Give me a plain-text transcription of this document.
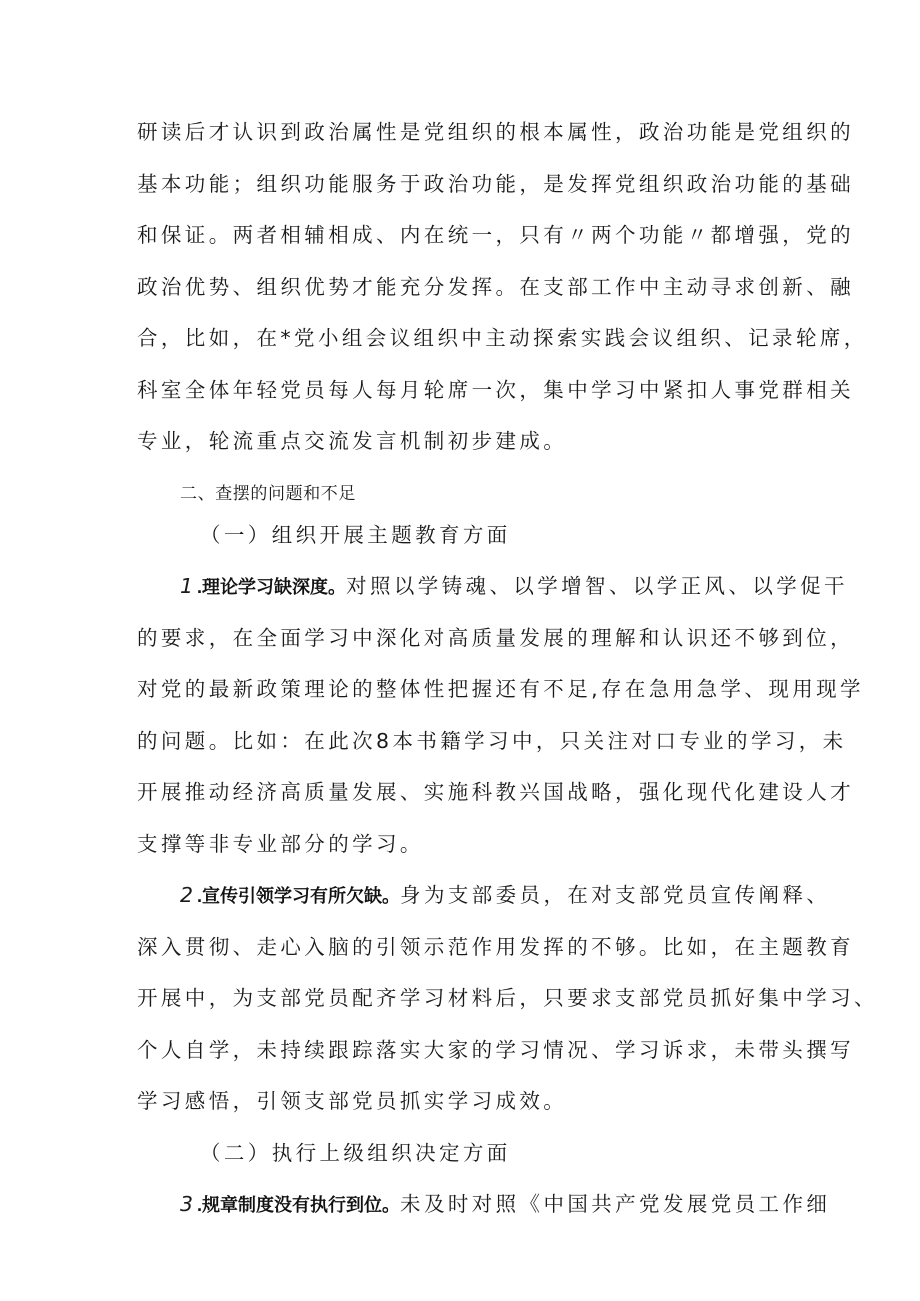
研读后才认识到政治属性是党组织的根本属性，政治功能是党组织的
基本功能；组织功能服务于政治功能，是发挥党组织政治功能的基础
和保证。两者相辅相成、内在统一，只有〃两个功能〃都增强，党的
政治优势、组织优势才能充分发挥。在支部工作中主动寻求创新、融
合，比如，在*党小组会议组织中主动探索实践会议组织、记录轮席，
科室全体年轻党员每人每月轮席一次，集中学习中紧扣人事党群相关
专业，轮流重点交流发言机制初步建成。
二、查摆的问题和不足
（一）组织开展主题教育方面
1.理论学习缺深度。对照以学铸魂、以学增智、以学正风、以学促干
的要求，在全面学习中深化对高质量发展的理解和认识还不够到位，
对党的最新政策理论的整体性把握还有不足,存在急用急学、现用现学
的问题。比如：在此次8本书籍学习中，只关注对口专业的学习，未
开展推动经济高质量发展、实施科教兴国战略，强化现代化建设人才
支撑等非专业部分的学习。
2.宣传引领学习有所欠缺。身为支部委员，在对支部党员宣传阐释、
深入贯彻、走心入脑的引领示范作用发挥的不够。比如，在主题教育
开展中，为支部党员配齐学习材料后，只要求支部党员抓好集中学习、
个人自学，未持续跟踪落实大家的学习情况、学习诉求，未带头撰写
学习感悟，引领支部党员抓实学习成效。
（二）执行上级组织决定方面
3.规章制度没有执行到位。未及时对照《中国共产党发展党员工作细
